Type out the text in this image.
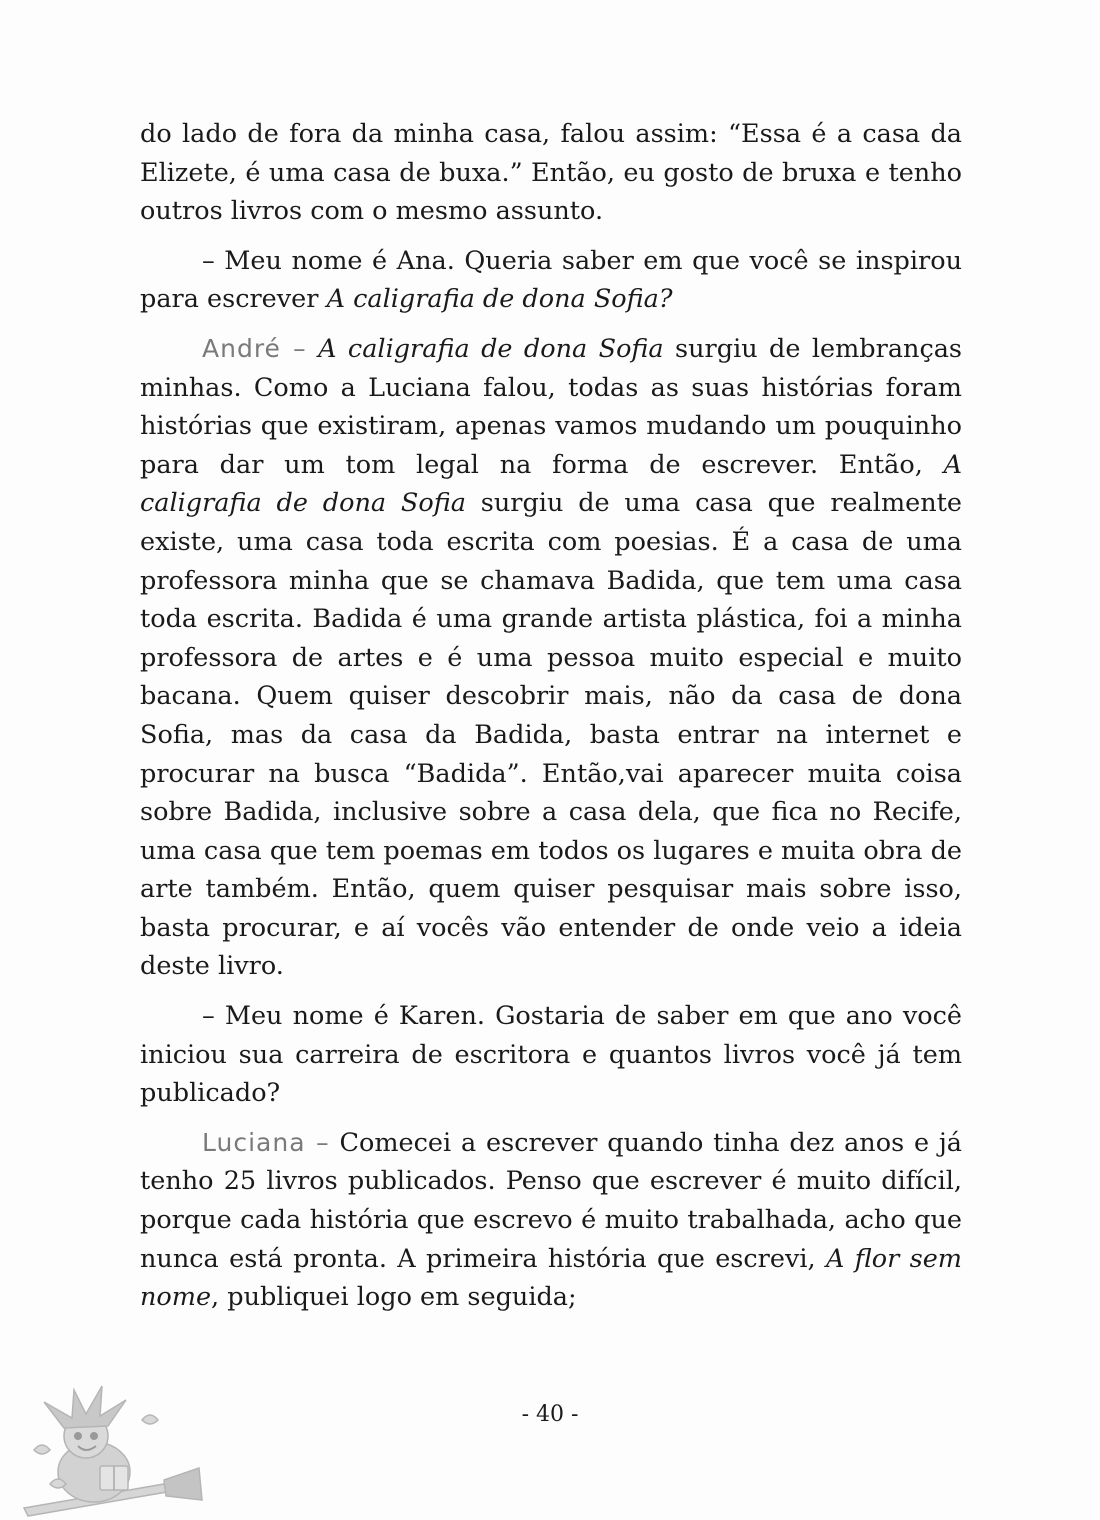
do lado de fora da minha casa, falou assim: “Essa é a casa da Elizete, é uma casa de buxa.” Então, eu gosto de bruxa e tenho outros livros com o mesmo assunto.

– Meu nome é Ana. Queria saber em que você se inspirou para escrever A caligrafia de dona Sofia?

André – A caligrafia de dona Sofia surgiu de lembranças minhas. Como a Luciana falou, todas as suas histórias foram histórias que existiram, apenas vamos mudando um pouquinho para dar um tom legal na forma de escrever. Então, A caligrafia de dona Sofia surgiu de uma casa que realmente existe, uma casa toda escrita com poesias. É a casa de uma professora minha que se chamava Badida, que tem uma casa toda escrita. Badida é uma grande artista plástica, foi a minha professora de artes e é uma pessoa muito especial e muito bacana. Quem quiser descobrir mais, não da casa de dona Sofia, mas da casa da Badida, basta entrar na internet e procurar na busca “Badida”. Então,vai aparecer muita coisa sobre Badida, inclusive sobre a casa dela, que fica no Recife, uma casa que tem poemas em todos os lugares e muita obra de arte também. Então, quem quiser pesquisar mais sobre isso, basta procurar, e aí vocês vão entender de onde veio a ideia deste livro.

– Meu nome é Karen. Gostaria de saber em que ano você iniciou sua carreira de escritora e quantos livros você já tem publicado?

Luciana – Comecei a escrever quando tinha dez anos e já tenho 25 livros publicados. Penso que escrever é muito difícil, porque cada história que escrevo é muito trabalhada, acho que nunca está pronta. A primeira história que escrevi, A flor sem nome, publiquei logo em seguida;

- 40 -
